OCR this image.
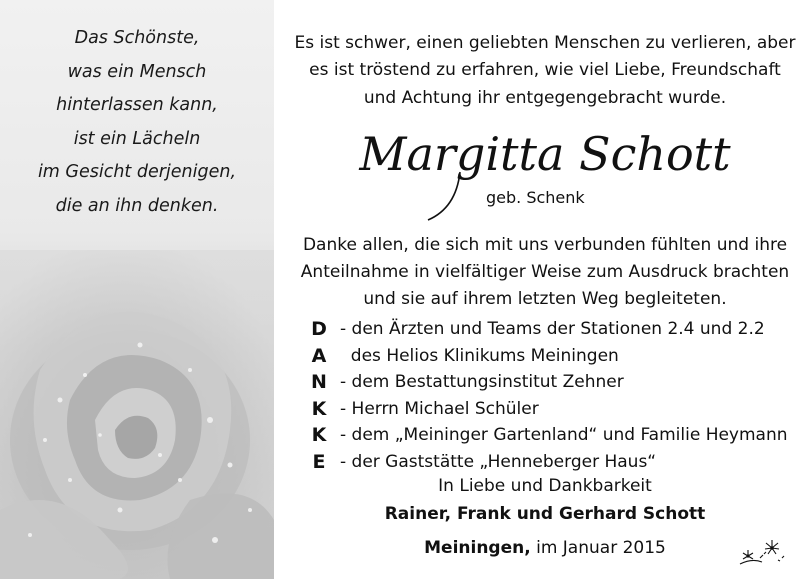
Das Schönste,
was ein Mensch
hinterlassen kann,
ist ein Lächeln
im Gesicht derjenigen,
die an ihn denken.
Es ist schwer, einen geliebten Menschen zu verlieren, aber
es ist tröstend zu erfahren, wie viel Liebe, Freundschaft
und Achtung ihr entgegengebracht wurde.
Margitta Schott
geb. Schenk
Danke allen, die sich mit uns verbunden fühlten und ihre
Anteilnahme in vielfältiger Weise zum Ausdruck brachten
und sie auf ihrem letzten Weg begleiteten.
D - den Ärzten und Teams der Stationen 2.4 und 2.2
A des Helios Klinikums Meiningen
N - dem Bestattungsinstitut Zehner
K - Herrn Michael Schüler
K - dem „Meininger Gartenland“ und Familie Heymann
E - der Gaststätte „Henneberger Haus“
In Liebe und Dankbarkeit
Rainer, Frank und Gerhard Schott
Meiningen, im Januar 2015
